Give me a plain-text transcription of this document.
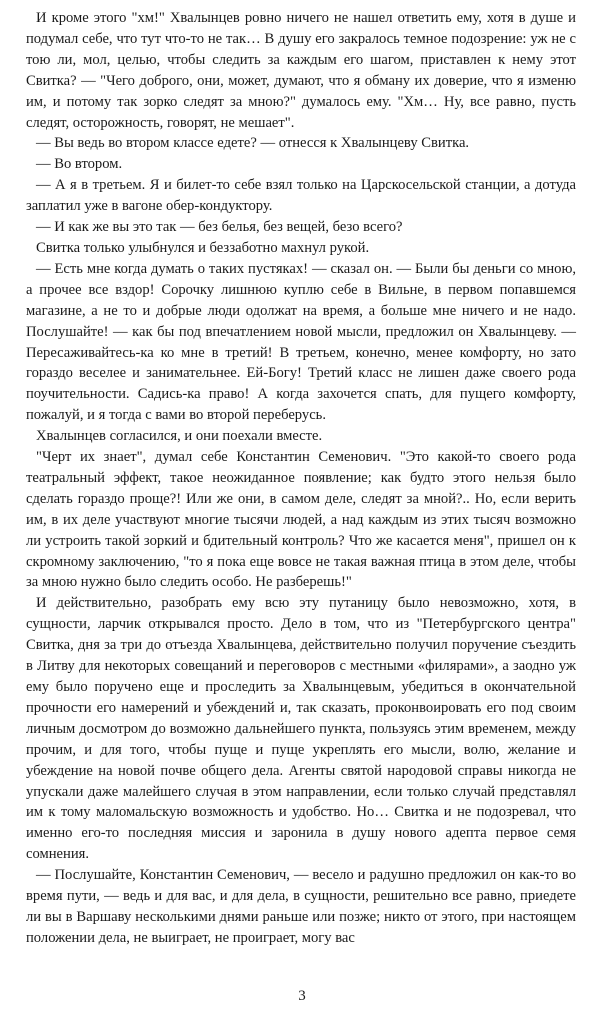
И кроме этого "хм!" Хвалынцев ровно ничего не нашел ответить ему, хотя в душе и подумал себе, что тут что-то не так… В душу его закралось темное подозрение: уж не с тою ли, мол, целью, чтобы следить за каждым его шагом, приставлен к нему этот Свитка? — "Чего доброго, они, может, думают, что я обману их доверие, что я изменю им, и потому так зорко следят за мною?" думалось ему. "Хм… Ну, все равно, пусть следят, осторожность, говорят, не мешает".

— Вы ведь во втором классе едете? — отнесся к Хвалынцеву Свитка.

— Во втором.

— А я в третьем. Я и билет-то себе взял только на Царскосельской станции, а дотуда заплатил уже в вагоне обер-кондуктору.

— И как же вы это так — без белья, без вещей, безо всего?

Свитка только улыбнулся и беззаботно махнул рукой.

— Есть мне когда думать о таких пустяках! — сказал он. — Были бы деньги со мною, а прочее все вздор! Сорочку лишнюю куплю себе в Вильне, в первом попавшемся магазине, а не то и добрые люди одолжат на время, а больше мне ничего и не надо. Послушайте! — как бы под впечатлением новой мысли, предложил он Хвалынцеву. — Пересаживайтесь-ка ко мне в третий! В третьем, конечно, менее комфорту, но зато гораздо веселее и занимательнее. Ей-Богу! Третий класс не лишен даже своего рода поучительности. Садись-ка право! А когда захочется спать, для пущего комфорту, пожалуй, и я тогда с вами во второй переберусь.

Хвалынцев согласился, и они поехали вместе.

"Черт их знает", думал себе Константин Семенович. "Это какой-то своего рода театральный эффект, такое неожиданное появление; как будто этого нельзя было сделать гораздо проще?! Или же они, в самом деле, следят за мной?.. Но, если верить им, в их деле участвуют многие тысячи людей, а над каждым из этих тысяч возможно ли устроить такой зоркий и бдительный контроль? Что же касается меня", пришел он к скромному заключению, "то я пока еще вовсе не такая важная птица в этом деле, чтобы за мною нужно было следить особо. Не разберешь!"

И действительно, разобрать ему всю эту путаницу было невозможно, хотя, в сущности, ларчик открывался просто. Дело в том, что из "Петербургского центра" Свитка, дня за три до отъезда Хвалынцева, действительно получил поручение съездить в Литву для некоторых совещаний и переговоров с местными «филярами», а заодно уж ему было поручено еще и проследить за Хвалынцевым, убедиться в окончательной прочности его намерений и убеждений и, так сказать, проконвоировать его под своим личным досмотром до возможно дальнейшего пункта, пользуясь этим временем, между прочим, и для того, чтобы пуще и пуще укреплять его мысли, волю, желание и убеждение на новой почве общего дела. Агенты святой народовой справы никогда не упускали даже малейшего случая в этом направлении, если только случай представлял им к тому маломальскую возможность и удобство. Но… Свитка и не подозревал, что именно его-то последняя миссия и заронила в душу нового адепта первое семя сомнения.

— Послушайте, Константин Семенович, — весело и радушно предложил он как-то во время пути, — ведь и для вас, и для дела, в сущности, решительно все равно, приедете ли вы в Варшаву несколькими днями раньше или позже; никто от этого, при настоящем положении дела, не выиграет, не проиграет, могу вас

3
